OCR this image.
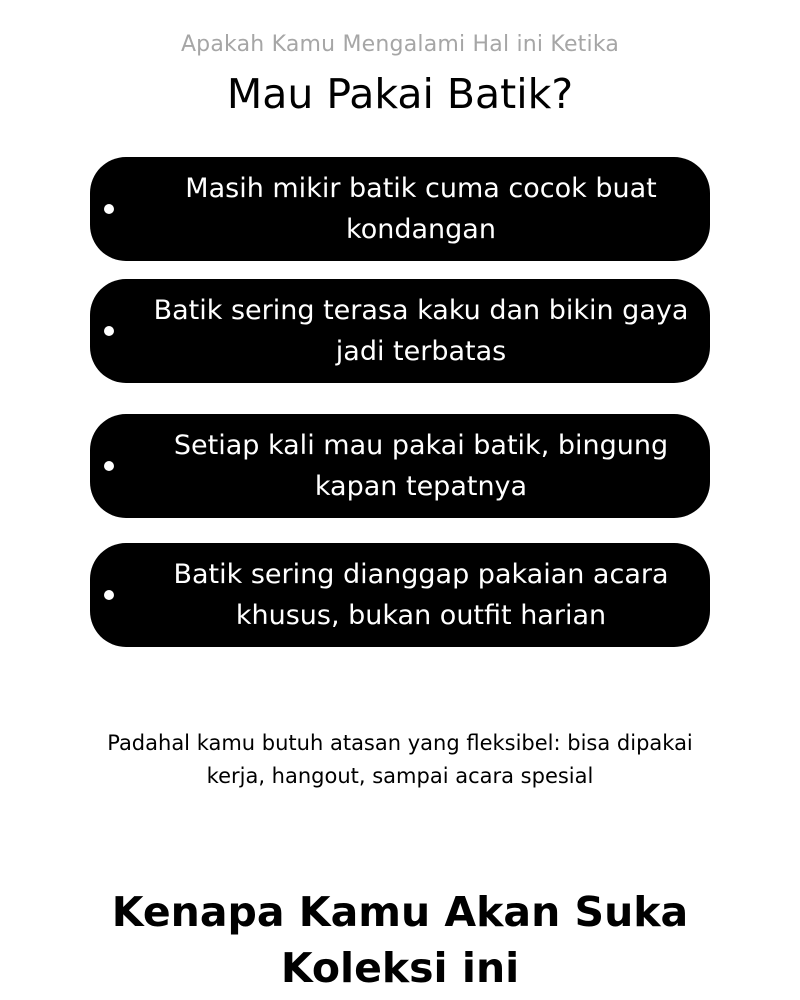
Apakah Kamu Mengalami Hal ini Ketika
Mau Pakai Batik?
Masih mikir batik cuma cocok buat kondangan
Batik sering terasa kaku dan bikin gaya jadi terbatas
Setiap kali mau pakai batik, bingung kapan tepatnya
Batik sering dianggap pakaian acara khusus, bukan outfit harian

Padahal kamu butuh atasan yang fleksibel: bisa dipakai kerja, hangout, sampai acara spesial

Kenapa Kamu Akan Suka Koleksi ini
